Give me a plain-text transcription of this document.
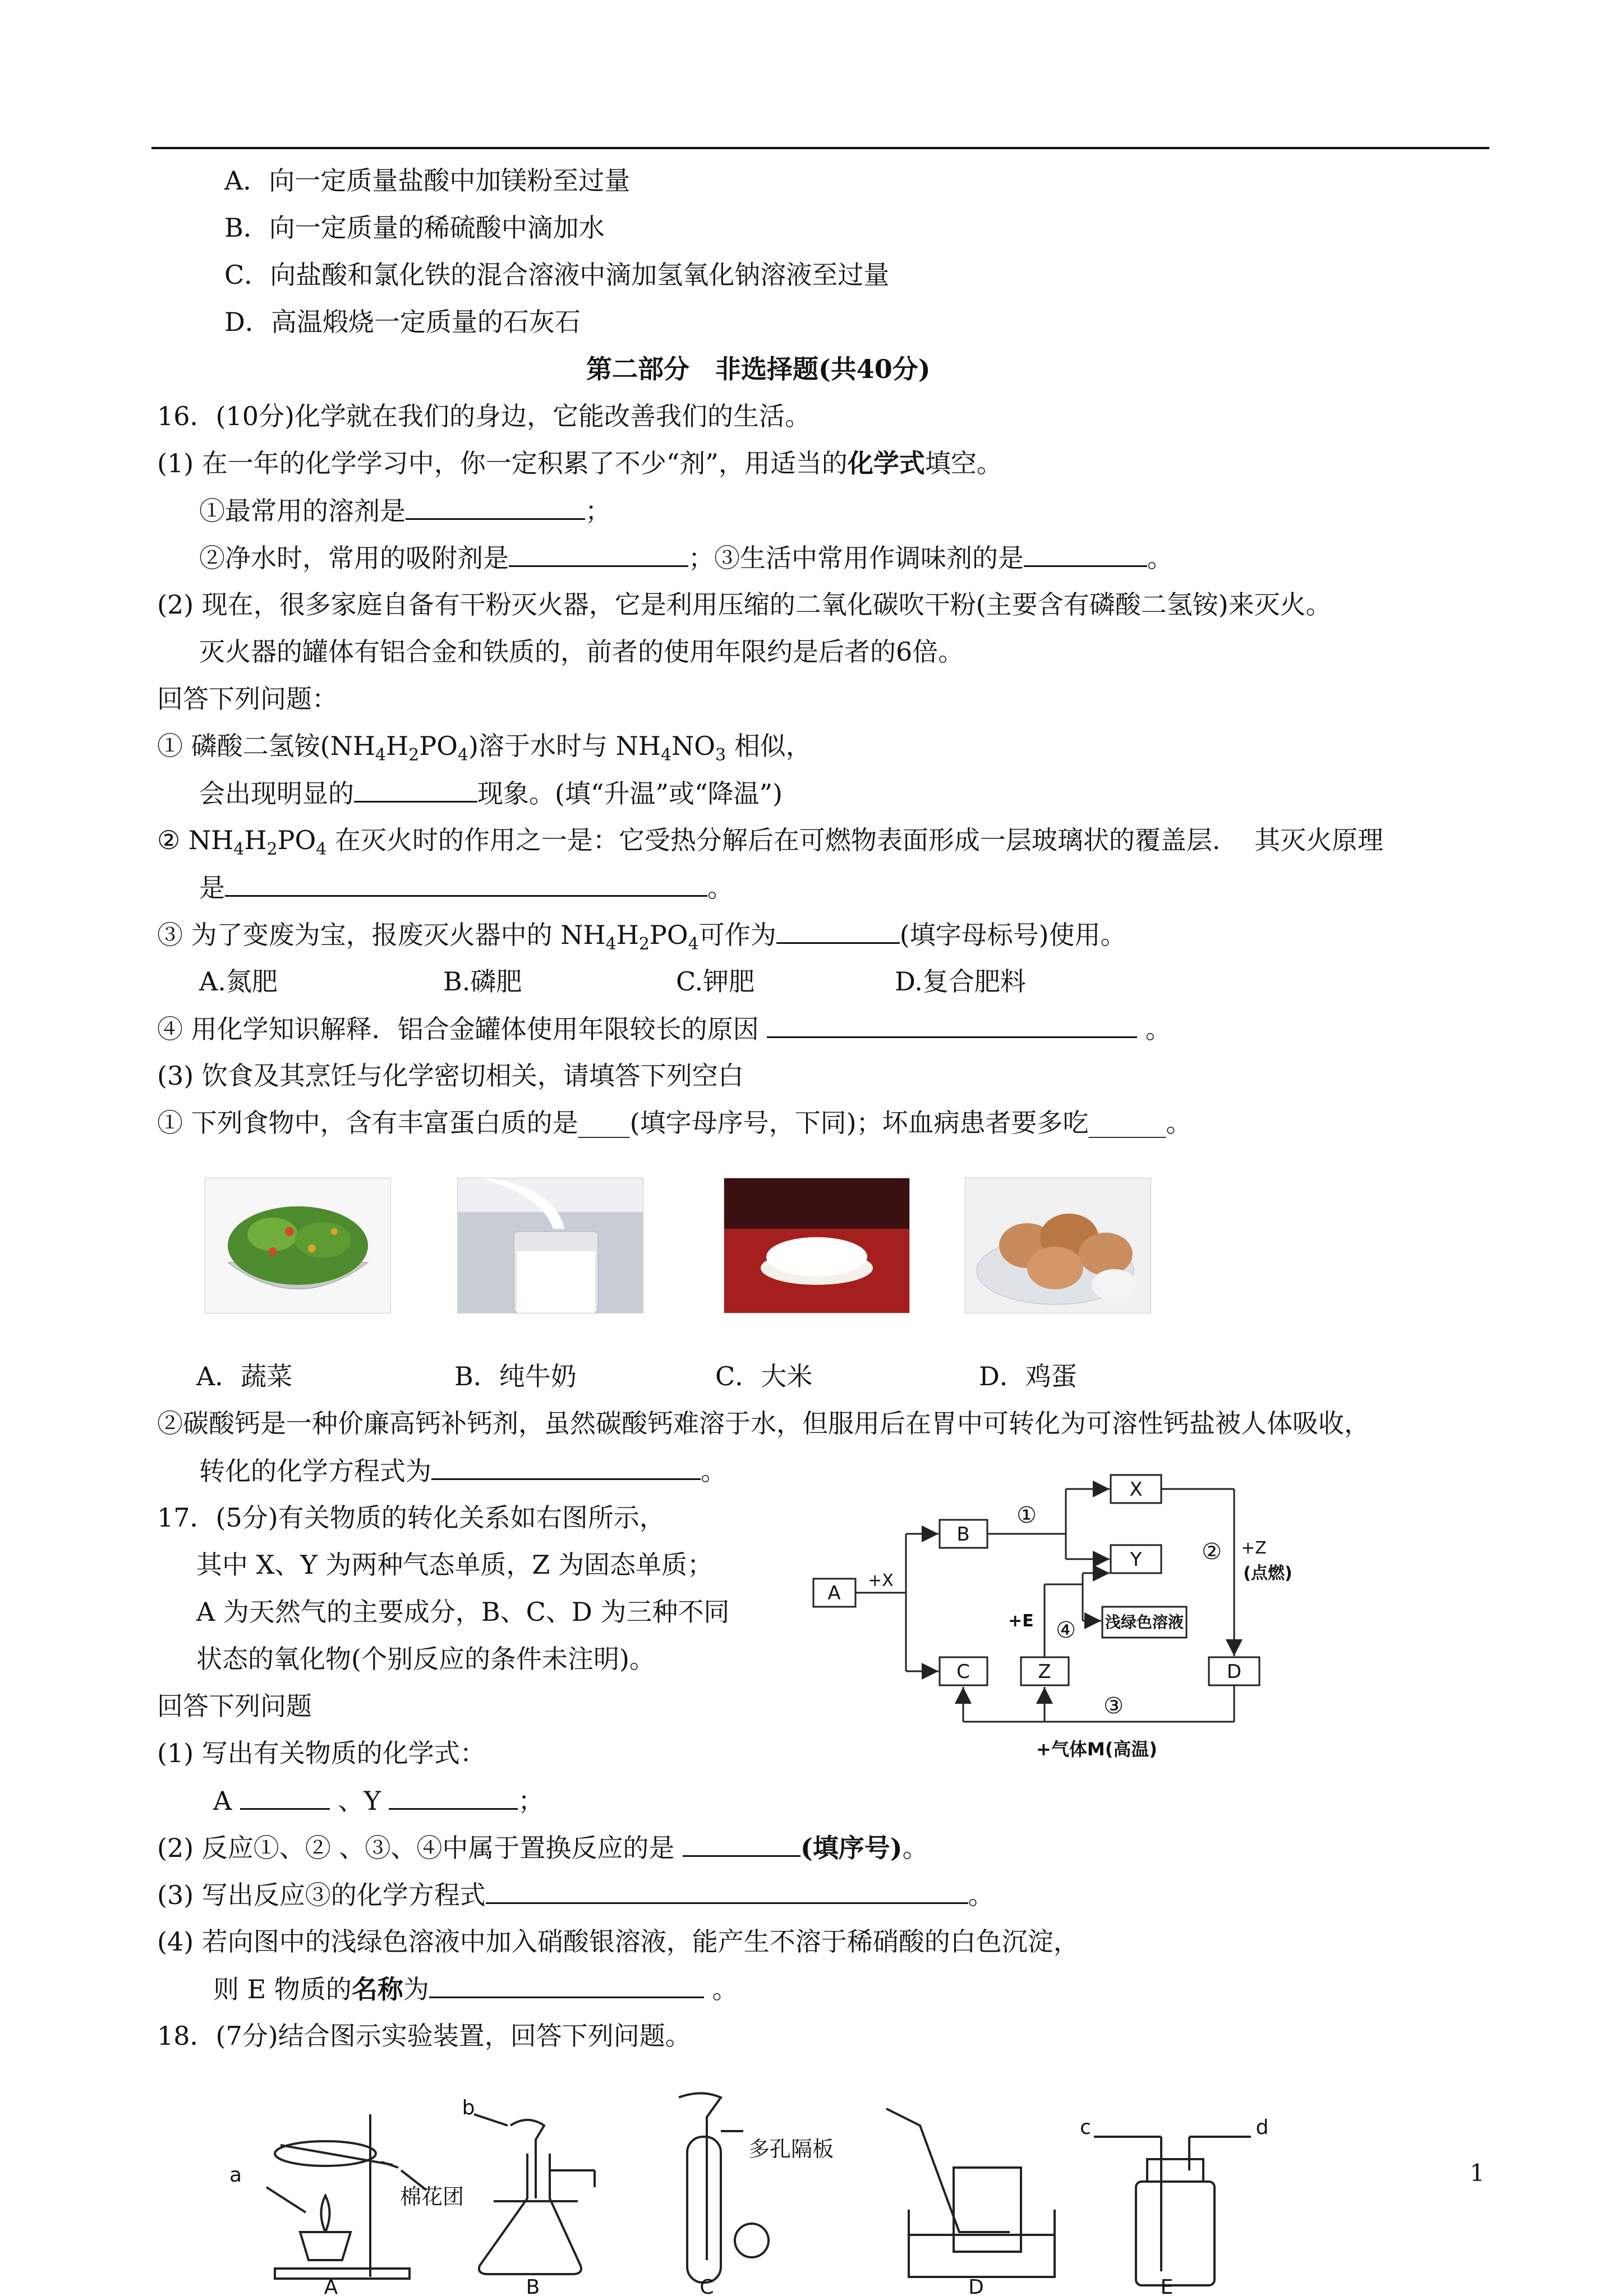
A．向一定质量盐酸中加镁粉至过量
B．向一定质量的稀硫酸中滴加水
C．向盐酸和氯化铁的混合溶液中滴加氢氧化钠溶液至过量
D．高温煅烧一定质量的石灰石
第二部分　非选择题(共40分)
16．(10分)化学就在我们的身边，它能改善我们的生活。
(1) 在一年的化学学习中，你一定积累了不少“剂”，用适当的化学式填空。
①最常用的溶剂是	；
②净水时，常用的吸附剂是	；③生活中常用作调味剂的是	。
(2) 现在，很多家庭自备有干粉灭火器，它是利用压缩的二氧化碳吹干粉(主要含有磷酸二氢铵)来灭火。
灭火器的罐体有铝合金和铁质的，前者的使用年限约是后者的6倍。
回答下列问题：
① 磷酸二氢铵$(NH_4H_2PO_4)$溶于水时与 $NH_4NO_3$ 相似，
会出现明显的	现象。(填“升温”或“降温”)
② $NH_4H_2PO_4$ 在灭火时的作用之一是：它受热分解后在可燃物表面形成一层玻璃状的覆盖层.　 其灭火原理
是	。
③ 为了变废为宝，报废灭火器中的 $NH_4H_2PO_4$可作为	(填字母标号)使用。
A.氮肥	B.磷肥	C.钾肥	D.复合肥料
④ 用化学知识解释．铝合金罐体使用年限较长的原因	。
(3) 饮食及其烹饪与化学密切相关，请填答下列空白
① 下列食物中，含有丰富蛋白质的是____(填字母序号，下同)；坏血病患者要多吃______。
A．蔬菜	B．纯牛奶	C．大米	D．鸡蛋
②碳酸钙是一种价廉高钙补钙剂，虽然碳酸钙难溶于水，但服用后在胃中可转化为可溶性钙盐被人体吸收，
转化的化学方程式为	。
17．(5分)有关物质的转化关系如右图所示，
其中 X、Y 为两种气态单质，Z 为固态单质；
A 为天然气的主要成分，B、C、D 为三种不同
状态的氧化物(个别反应的条件未注明)。
回答下列问题
(1) 写出有关物质的化学式：
A	、Y	；
(2) 反应①、② 、③、④中属于置换反应的是	(填序号)。
(3) 写出反应③的化学方程式	。
(4) 若向图中的浅绿色溶液中加入硝酸银溶液，能产生不溶于稀硝酸的白色沉淀，
则 E 物质的名称为	。
A
B
X
Y
浅绿色溶液
C	Z	D
+X
①
②
④
③
+E
+Z
(点燃)
+气体M(高温)
18．(7分)结合图示实验装置，回答下列问题。
a
棉花团
b
多孔隔板
c	d
A	B	C	D	E
1
